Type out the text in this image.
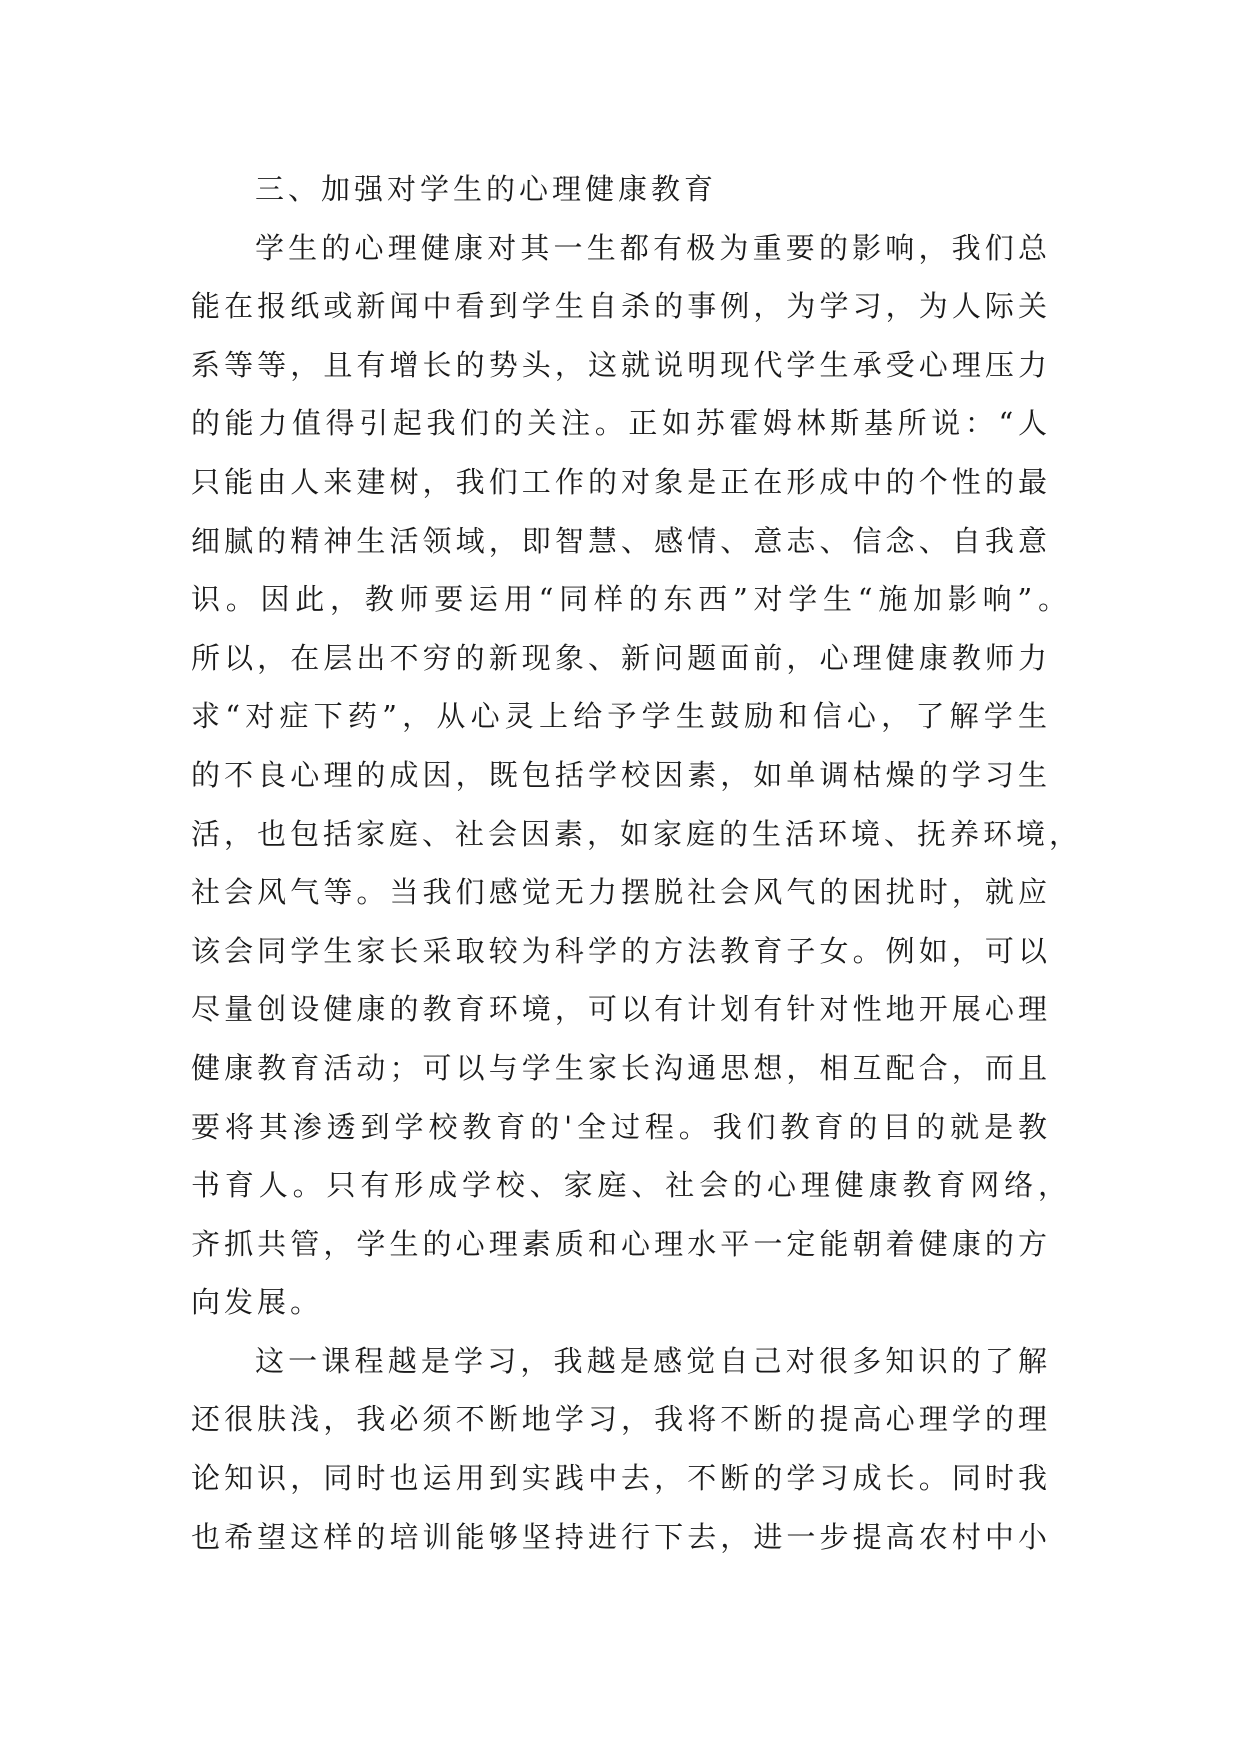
三、加强对学生的心理健康教育
学生的心理健康对其一生都有极为重要的影响，我们总
能在报纸或新闻中看到学生自杀的事例，为学习，为人际关
系等等，且有增长的势头，这就说明现代学生承受心理压力
的能力值得引起我们的关注。正如苏霍姆林斯基所说：“人
只能由人来建树，我们工作的对象是正在形成中的个性的最
细腻的精神生活领域，即智慧、感情、意志、信念、自我意
识。因此，教师要运用“同样的东西”对学生“施加影响”。
所以，在层出不穷的新现象、新问题面前，心理健康教师力
求“对症下药”，从心灵上给予学生鼓励和信心，了解学生
的不良心理的成因，既包括学校因素，如单调枯燥的学习生
活，也包括家庭、社会因素，如家庭的生活环境、抚养环境，
社会风气等。当我们感觉无力摆脱社会风气的困扰时，就应
该会同学生家长采取较为科学的方法教育子女。例如，可以
尽量创设健康的教育环境，可以有计划有针对性地开展心理
健康教育活动；可以与学生家长沟通思想，相互配合，而且
要将其渗透到学校教育的'全过程。我们教育的目的就是教
书育人。只有形成学校、家庭、社会的心理健康教育网络，
齐抓共管，学生的心理素质和心理水平一定能朝着健康的方
向发展。
这一课程越是学习，我越是感觉自己对很多知识的了解
还很肤浅，我必须不断地学习，我将不断的提高心理学的理
论知识，同时也运用到实践中去，不断的学习成长。同时我
也希望这样的培训能够坚持进行下去，进一步提高农村中小
